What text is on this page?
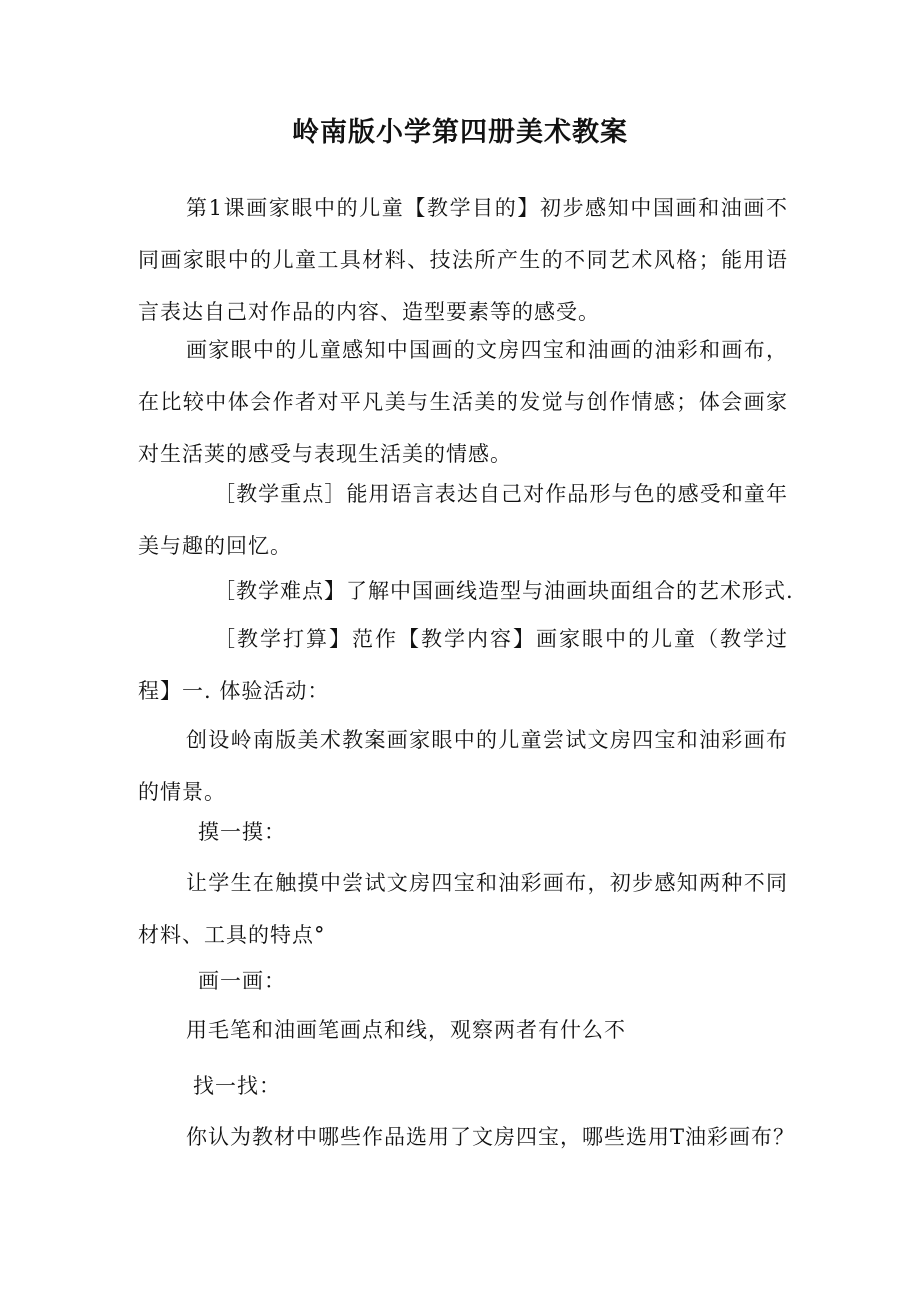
岭南版小学第四册美术教案

第1课画家眼中的儿童【教学目的】初步感知中国画和油画不同画家眼中的儿童工具材料、技法所产生的不同艺术风格；能用语言表达自己对作品的内容、造型要素等的感受。

画家眼中的儿童感知中国画的文房四宝和油画的油彩和画布，在比较中体会作者对平凡美与生活美的发觉与创作情感；体会画家对生活荚的感受与表现生活美的情感。

［教学重点］能用语言表达自己对作品形与色的感受和童年美与趣的回忆。

［教学难点】了解中国画线造型与油画块面组合的艺术形式.

［教学打算】范作【教学内容】画家眼中的儿童（教学过程】一. 体验活动：

创设岭南版美术教案画家眼中的儿童尝试文房四宝和油彩画布的情景。

摸一摸：

让学生在触摸中尝试文房四宝和油彩画布，初步感知两种不同材料、工具的特点°

画一画：
用毛笔和油画笔画点和线，观察两者有什么不
找一找：
你认为教材中哪些作品选用了文房四宝，哪些选用T油彩画布？
